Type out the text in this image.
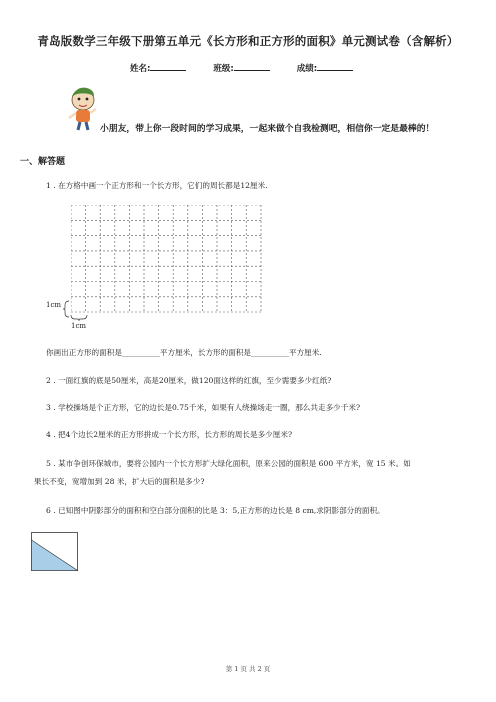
青岛版数学三年级下册第五单元《长方形和正方形的面积》单元测试卷（含解析）
姓名:	班级:	成绩:
小朋友，带上你一段时间的学习成果，一起来做个自我检测吧，相信你一定是最棒的！
一、解答题
1 . 在方格中画一个正方形和一个长方形，它们的周长都是12厘米.
1cm
1cm
你画出正方形的面积是__________平方厘米，长方形的面积是__________平方厘米.
2 . 一面红旗的底是50厘米，高是20厘米，做120面这样的红旗，至少需要多少红纸?
3 . 学校操场是个正方形，它的边长是0.75千米，如果有人绕操场走一圈，那么共走多少千米?
4 . 把4个边长2厘米的正方形拼成一个长方形，长方形的周长是多少厘米?
5 . 某市争创环保城市，要将公园内一个长方形扩大绿化面积，原来公园的面积是 600 平方米，宽 15 米。如
果长不变，宽增加到 28 米，扩大后的面积是多少?
6 . 已知图中阴影部分的面积和空白部分面积的比是 3：5,正方形的边长是 8 cm,求阴影部分的面积。
第 1 页 共 2 页
